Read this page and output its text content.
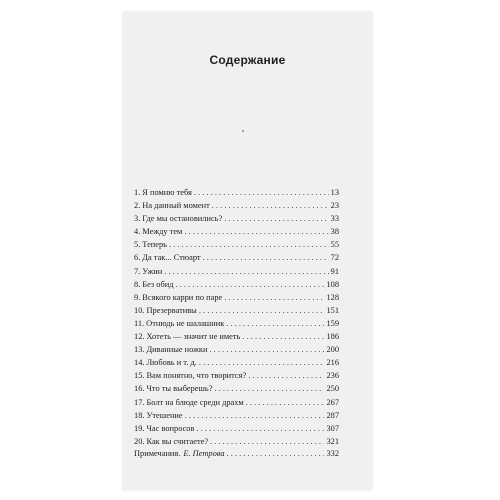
Содержание
1. Я помню тебя . . .	13
2. На данный момент . . .	23
3. Где мы остановились? . . .	33
4. Между тем . . .	38
5. Теперь . . .	55
6. Да так... Стюарт . . .	72
7. Ужин . . .	91
8. Без обид . . .	108
9. Всякого карри по паре . . .	128
10. Презервативы . . .	151
11. Отнюдь не шалашник . . .	159
12. Хотеть — значит не иметь . . .	186
13. Диванные ножки . . .	200
14. Любовь и т. д. . . .	216
15. Вам понятно, что творится? . . .	236
16. Что ты выберешь? . . .	250
17. Болт на блюде среди драхм . . .	267
18. Утешение . . .	287
19. Час вопросов . . .	307
20. Как вы считаете? . . .	321
Примечания. Е. Петрова . . .	332
